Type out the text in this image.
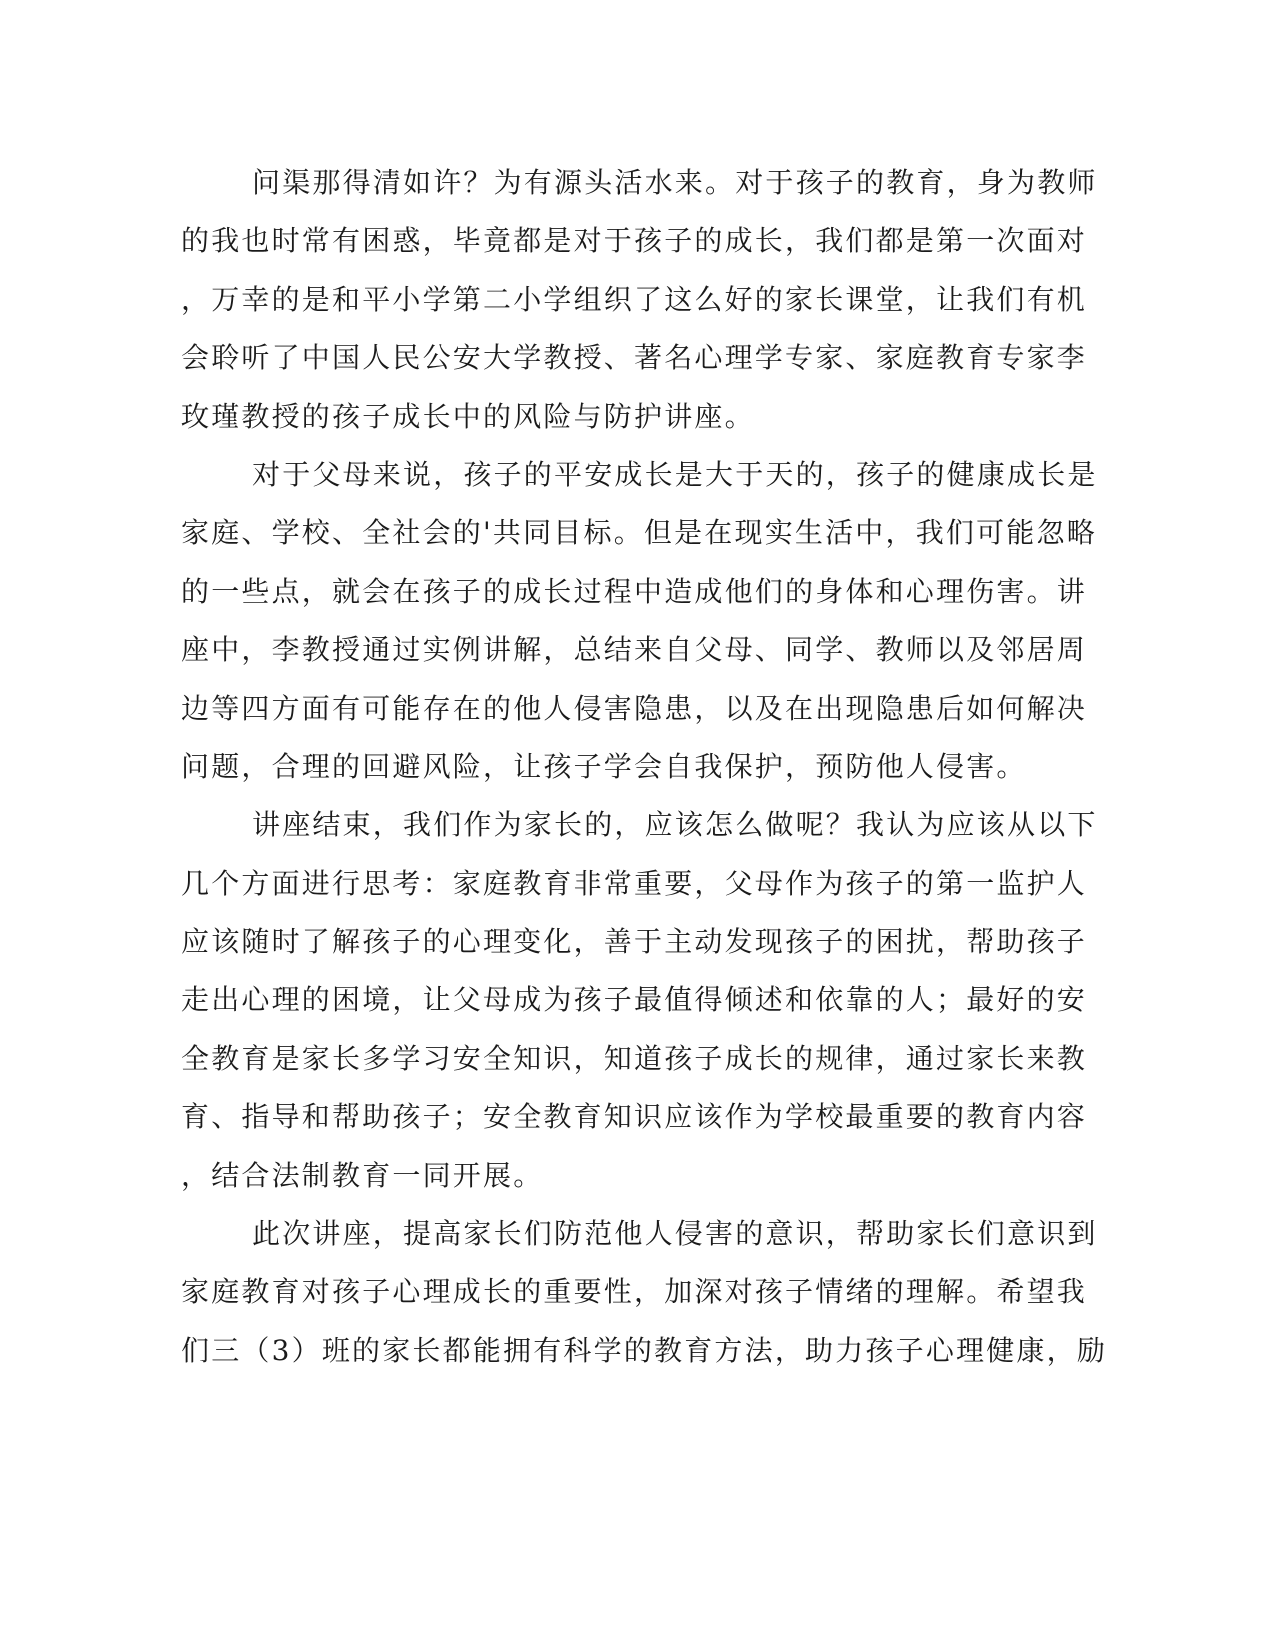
问渠那得清如许？为有源头活水来。对于孩子的教育，身为教师
的我也时常有困惑，毕竟都是对于孩子的成长，我们都是第一次面对
，万幸的是和平小学第二小学组织了这么好的家长课堂，让我们有机
会聆听了中国人民公安大学教授、著名心理学专家、家庭教育专家李
玫瑾教授的孩子成长中的风险与防护讲座。
对于父母来说，孩子的平安成长是大于天的，孩子的健康成长是
家庭、学校、全社会的'共同目标。但是在现实生活中，我们可能忽略
的一些点，就会在孩子的成长过程中造成他们的身体和心理伤害。讲
座中，李教授通过实例讲解，总结来自父母、同学、教师以及邻居周
边等四方面有可能存在的他人侵害隐患，以及在出现隐患后如何解决
问题，合理的回避风险，让孩子学会自我保护，预防他人侵害。
讲座结束，我们作为家长的，应该怎么做呢？我认为应该从以下
几个方面进行思考：家庭教育非常重要，父母作为孩子的第一监护人
应该随时了解孩子的心理变化，善于主动发现孩子的困扰，帮助孩子
走出心理的困境，让父母成为孩子最值得倾述和依靠的人；最好的安
全教育是家长多学习安全知识，知道孩子成长的规律，通过家长来教
育、指导和帮助孩子；安全教育知识应该作为学校最重要的教育内容
，结合法制教育一同开展。
此次讲座，提高家长们防范他人侵害的意识，帮助家长们意识到
家庭教育对孩子心理成长的重要性，加深对孩子情绪的理解。希望我
们三（3）班的家长都能拥有科学的教育方法，助力孩子心理健康，励
